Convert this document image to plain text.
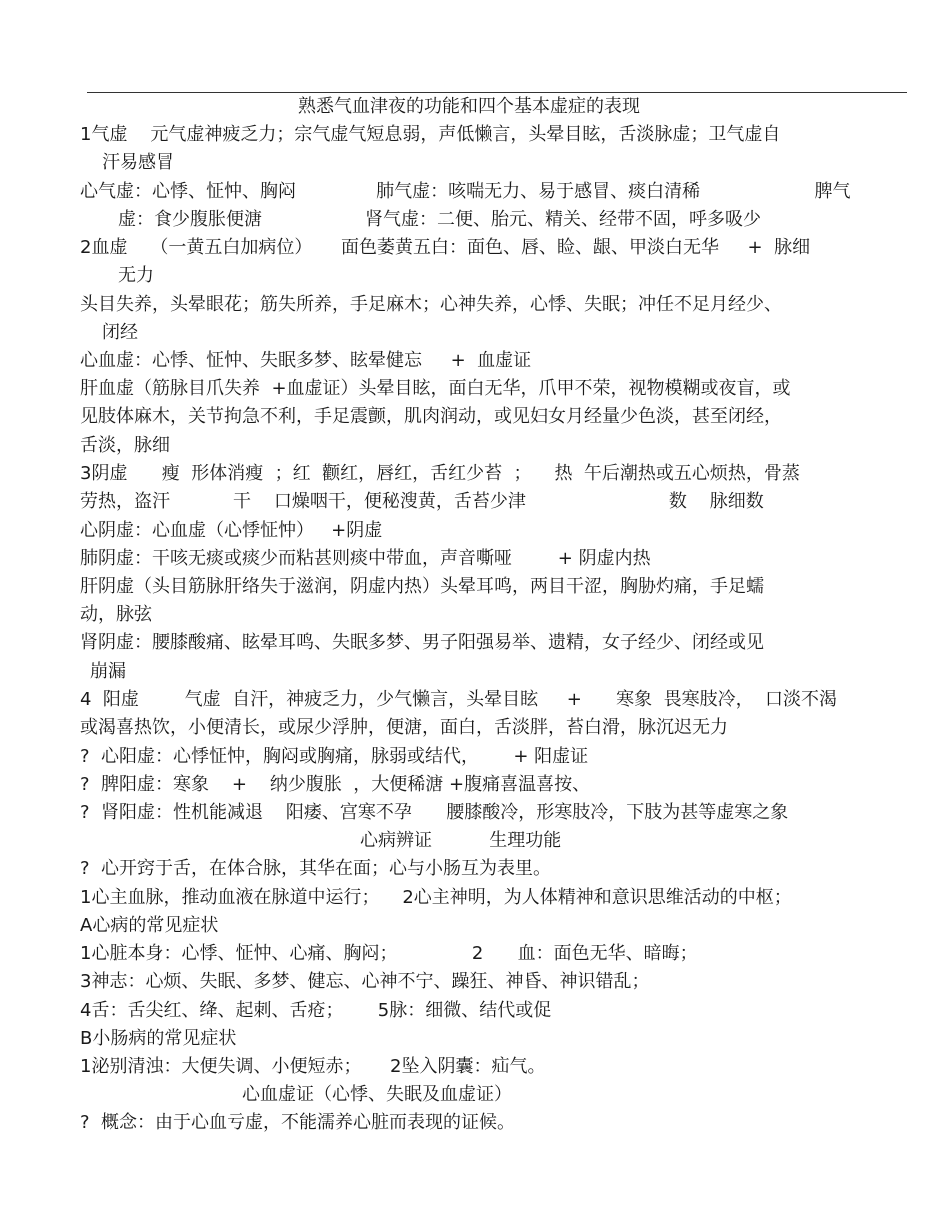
熟悉气血津夜的功能和四个基本虚症的表现
1气虚    元气虚神疲乏力；宗气虚气短息弱，声低懒言，头晕目眩，舌淡脉虚；卫气虚自
汗易感冒
心气虚：心悸、怔忡、胸闷              肺气虚：咳喘无力、易于感冒、痰白清稀                    脾气
虚：食少腹胀便溏                  肾气虚：二便、胎元、精关、经带不固，呼多吸少
2血虚    （一黄五白加病位）     面色萎黄五白：面色、唇、睑、龈、甲淡白无华     +  脉细
无力
头目失养，头晕眼花；筋失所养，手足麻木；心神失养，心悸、失眠；冲任不足月经少、
闭经
心血虚：心悸、怔忡、失眠多梦、眩晕健忘     +  血虚证
肝血虚（筋脉目爪失养  +血虚证）头晕目眩，面白无华，爪甲不荣，视物模糊或夜盲，或
见肢体麻木，关节拘急不利，手足震颤，肌肉润动，或见妇女月经量少色淡，甚至闭经，
舌淡，脉细
3阴虚      瘦  形体消瘦  ；红  颧红，唇红，舌红少苔  ；    热  午后潮热或五心烦热，骨蒸
劳热，盗汗           干    口燥咽干，便秘溲黄，舌苔少津                         数    脉细数
心阴虚：心血虚（心悸怔忡）   +阴虚
肺阴虚：干咳无痰或痰少而粘甚则痰中带血，声音嘶哑        + 阴虚内热
肝阴虚（头目筋脉肝络失于滋润，阴虚内热）头晕耳鸣，两目干涩，胸胁灼痛，手足蠕
动，脉弦
肾阴虚：腰膝酸痛、眩晕耳鸣、失眠多梦、男子阳强易举、遗精，女子经少、闭经或见
崩漏
4  阳虚        气虚  自汗，神疲乏力，少气懒言，头晕目眩     +      寒象  畏寒肢冷，  口淡不渴
或渴喜热饮，小便清长，或尿少浮肿，便溏，面白，舌淡胖，苔白滑，脉沉迟无力
?  心阳虚：心悸怔忡，胸闷或胸痛，脉弱或结代，      + 阳虚证
?  脾阳虚：寒象    +    纳少腹胀  ，大便稀溏 +腹痛喜温喜按、
?  肾阳虚：性机能减退    阳痿、宫寒不孕      腰膝酸冷，形寒肢冷，下肢为甚等虚寒之象
心病辨证          生理功能
?  心开窍于舌，在体合脉，其华在面；心与小肠互为表里。
1心主血脉，推动血液在脉道中运行；    2心主神明，为人体精神和意识思维活动的中枢；
A心病的常见症状
1心脏本身：心悸、怔忡、心痛、胸闷；             2      血：面色无华、暗晦；
3神志：心烦、失眠、多梦、健忘、心神不宁、躁狂、神昏、神识错乱；
4舌：舌尖红、绛、起刺、舌疮；      5脉：细微、结代或促
B小肠病的常见症状
1泌别清浊：大便失调、小便短赤；     2坠入阴囊：疝气。
心血虚证（心悸、失眠及血虚证）
?  概念：由于心血亏虚，不能濡养心脏而表现的证候。
